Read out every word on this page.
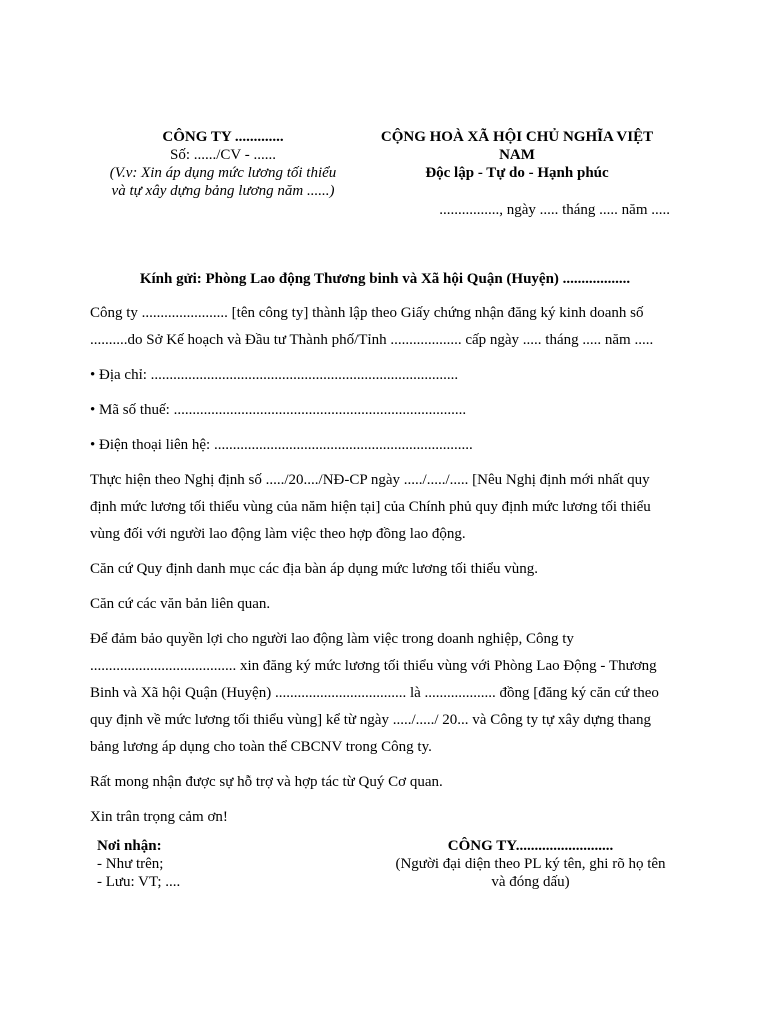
CÔNG TY .............
Số: ....../CV - ......
(V.v: Xin áp dụng mức lương tối thiểu
và tự xây dựng bảng lương năm ......)
CỘNG HOÀ XÃ HỘI CHỦ NGHĨA VIỆT
NAM
Độc lập - Tự do - Hạnh phúc
................, ngày ..... tháng ..... năm .....
Kính gửi: Phòng Lao động Thương binh và Xã hội Quận (Huyện) ..................

Công ty ....................... [tên công ty] thành lập theo Giấy chứng nhận đăng ký kinh doanh số ..........do Sở Kế hoạch và Đầu tư Thành phố/Tỉnh ................... cấp ngày ..... tháng ..... năm .....

• Địa chỉ: ..................................................................................

• Mã số thuế: ..............................................................................

• Điện thoại liên hệ: .....................................................................

Thực hiện theo Nghị định số ...../20..../NĐ-CP ngày ...../...../..... [Nêu Nghị định mới nhất quy định mức lương tối thiểu vùng của năm hiện tại] của Chính phủ quy định mức lương tối thiểu vùng đối với người lao động làm việc theo hợp đồng lao động.

Căn cứ Quy định danh mục các địa bàn áp dụng mức lương tối thiểu vùng.

Căn cứ các văn bản liên quan.

Để đảm bảo quyền lợi cho người lao động làm việc trong doanh nghiệp, Công ty ....................................... xin đăng ký mức lương tối thiểu vùng với Phòng Lao Động - Thương Binh và Xã hội Quận (Huyện) ................................... là ................... đồng [đăng ký căn cứ theo quy định về mức lương tối thiểu vùng] kể từ ngày ...../...../ 20... và Công ty tự xây dựng thang bảng lương áp dụng cho toàn thể CBCNV trong Công ty.

Rất mong nhận được sự hỗ trợ và hợp tác từ Quý Cơ quan.

Xin trân trọng cảm ơn!

Nơi nhận:
- Như trên;
- Lưu: VT; ....
CÔNG TY..........................
(Người đại diện theo PL ký tên, ghi rõ họ tên
và đóng dấu)
